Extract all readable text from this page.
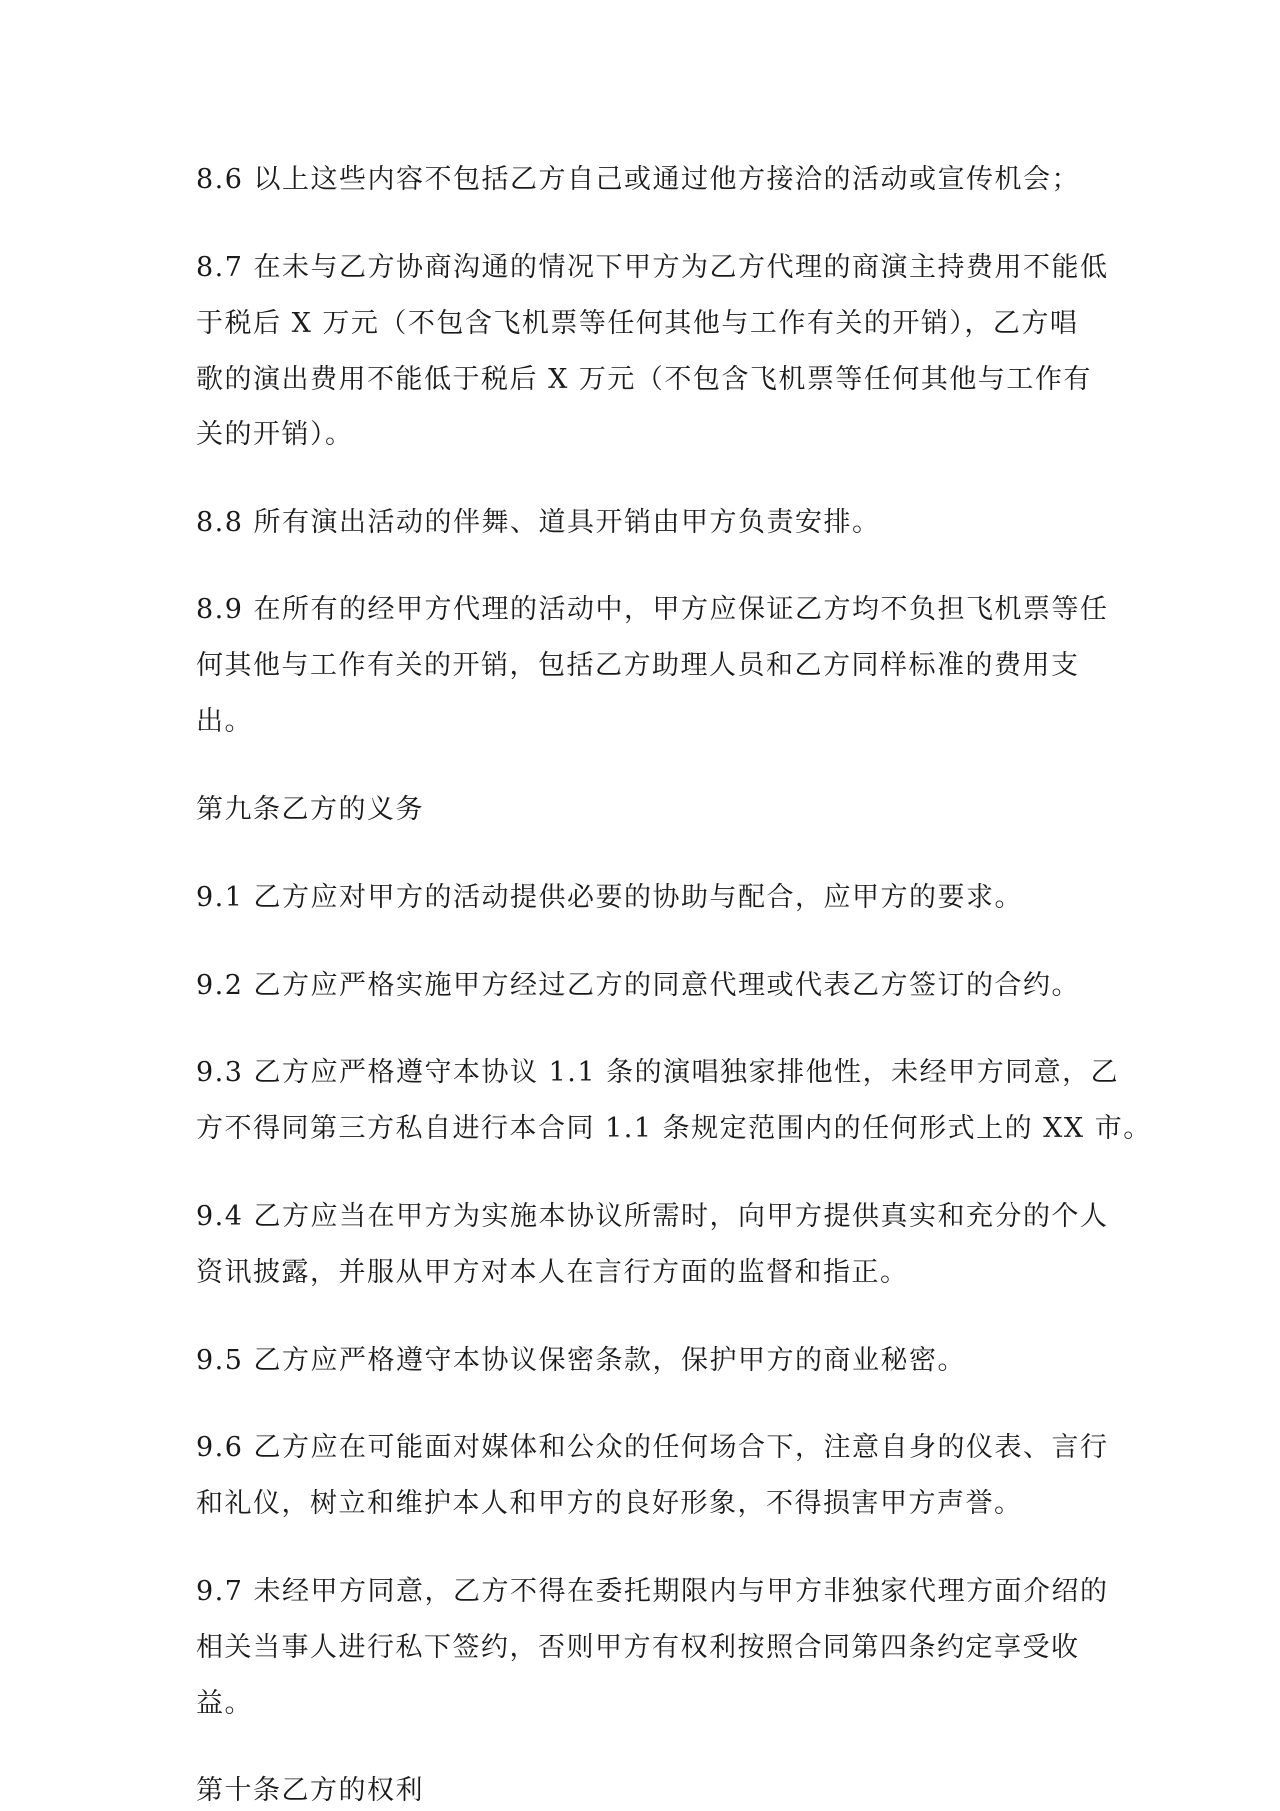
8.6 以上这些内容不包括乙方自己或通过他方接洽的活动或宣传机会；

8.7 在未与乙方协商沟通的情况下甲方为乙方代理的商演主持费用不能低

于税后 X 万元（不包含飞机票等任何其他与工作有关的开销），乙方唱

歌的演出费用不能低于税后 X 万元（不包含飞机票等任何其他与工作有

关的开销）。

8.8 所有演出活动的伴舞、道具开销由甲方负责安排。

8.9 在所有的经甲方代理的活动中，甲方应保证乙方均不负担飞机票等任

何其他与工作有关的开销，包括乙方助理人员和乙方同样标准的费用支

出。

第九条乙方的义务

9.1 乙方应对甲方的活动提供必要的协助与配合，应甲方的要求。

9.2 乙方应严格实施甲方经过乙方的同意代理或代表乙方签订的合约。

9.3 乙方应严格遵守本协议 1.1 条的演唱独家排他性，未经甲方同意，乙

方不得同第三方私自进行本合同 1.1 条规定范围内的任何形式上的 XX 市。

9.4 乙方应当在甲方为实施本协议所需时，向甲方提供真实和充分的个人

资讯披露，并服从甲方对本人在言行方面的监督和指正。

9.5 乙方应严格遵守本协议保密条款，保护甲方的商业秘密。

9.6 乙方应在可能面对媒体和公众的任何场合下，注意自身的仪表、言行

和礼仪，树立和维护本人和甲方的良好形象，不得损害甲方声誉。

9.7 未经甲方同意，乙方不得在委托期限内与甲方非独家代理方面介绍的

相关当事人进行私下签约，否则甲方有权利按照合同第四条约定享受收

益。

第十条乙方的权利
